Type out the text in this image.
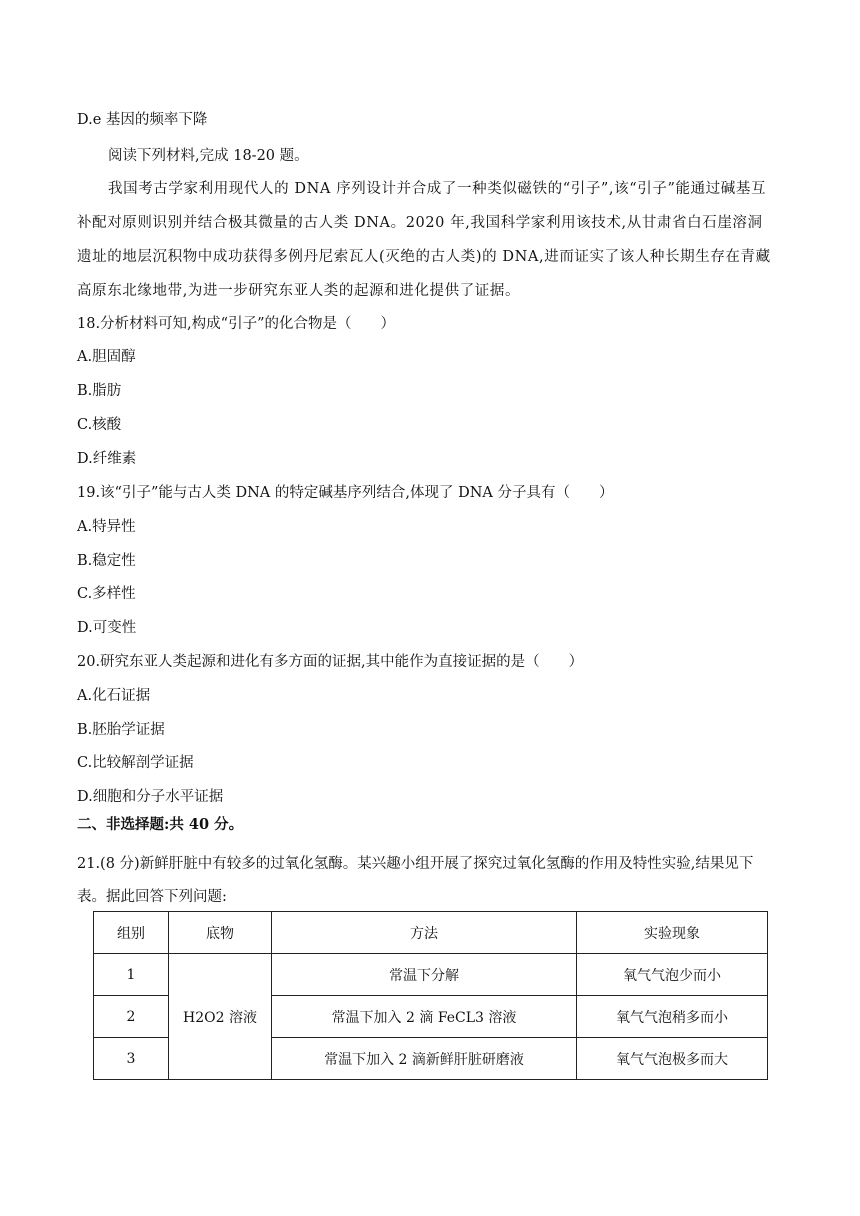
D.e 基因的频率下降
阅读下列材料,完成 18-20 题。
我国考古学家利用现代人的 DNA 序列设计并合成了一种类似磁铁的“引子”,该“引子”能通过碱基互补配对原则识别并结合极其微量的古人类 DNA。2020 年,我国科学家利用该技术,从甘肃省白石崖溶洞遗址的地层沉积物中成功获得多例丹尼索瓦人(灭绝的古人类)的 DNA,进而证实了该人种长期生存在青藏高原东北缘地带,为进一步研究东亚人类的起源和进化提供了证据。
18.分析材料可知,构成“引子”的化合物是（　　）
A.胆固醇
B.脂肪
C.核酸
D.纤维素
19.该“引子”能与古人类 DNA 的特定碱基序列结合,体现了 DNA 分子具有（　　）
A.特异性
B.稳定性
C.多样性
D.可变性
20.研究东亚人类起源和进化有多方面的证据,其中能作为直接证据的是（　　）
A.化石证据
B.胚胎学证据
C.比较解剖学证据
D.细胞和分子水平证据
二、非选择题:共 40 分。
21.(8 分)新鲜肝脏中有较多的过氧化氢酶。某兴趣小组开展了探究过氧化氢酶的作用及特性实验,结果见下表。据此回答下列问题:
组别	底物	方法	实验现象
1	H2O2 溶液	常温下分解	氧气气泡少而小
2		常温下加入 2 滴 FeCL3 溶液	氧气气泡稍多而小
3		常温下加入 2 滴新鲜肝脏研磨液	氧气气泡极多而大
